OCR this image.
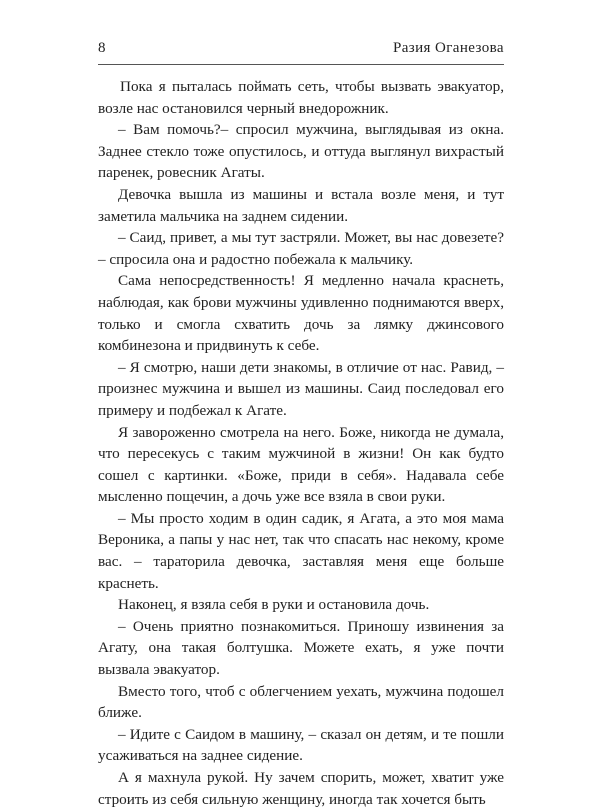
8	Разия Оганезова

Пока я пыталась поймать сеть, чтобы вызвать эвакуатор, возле нас остановился черный внедорожник.

– Вам помочь?– спросил мужчина, выглядывая из окна. Заднее стекло тоже опустилось, и оттуда выглянул вихрастый паренек, ровесник Агаты.

Девочка вышла из машины и встала возле меня, и тут заметила мальчика на заднем сидении.

– Саид, привет, а мы тут застряли. Может, вы нас довезете? – спросила она и радостно побежала к мальчику.

Сама непосредственность! Я медленно начала краснеть, наблюдая, как брови мужчины удивленно поднимаются вверх, только и смогла схватить дочь за лямку джинсового комбинезона и придвинуть к себе.

– Я смотрю, наши дети знакомы, в отличие от нас. Равид, – произнес мужчина и вышел из машины. Саид последовал его примеру и подбежал к Агате.

Я завороженно смотрела на него. Боже, никогда не думала, что пересекусь с таким мужчиной в жизни! Он как будто сошел с картинки. «Боже, приди в себя». Надавала себе мысленно пощечин, а дочь уже все взяла в свои руки.

– Мы просто ходим в один садик, я Агата, а это моя мама Вероника, а папы у нас нет, так что спасать нас некому, кроме вас. – тараторила девочка, заставляя меня еще больше краснеть.

Наконец, я взяла себя в руки и остановила дочь.

– Очень приятно познакомиться. Приношу извинения за Агату, она такая болтушка. Можете ехать, я уже почти вызвала эвакуатор.

Вместо того, чтоб с облегчением уехать, мужчина подошел ближе.

– Идите с Саидом в машину, – сказал он детям, и те пошли усаживаться на заднее сидение.

А я махнула рукой. Ну зачем спорить, может, хватит уже строить из себя сильную женщину, иногда так хочется быть
